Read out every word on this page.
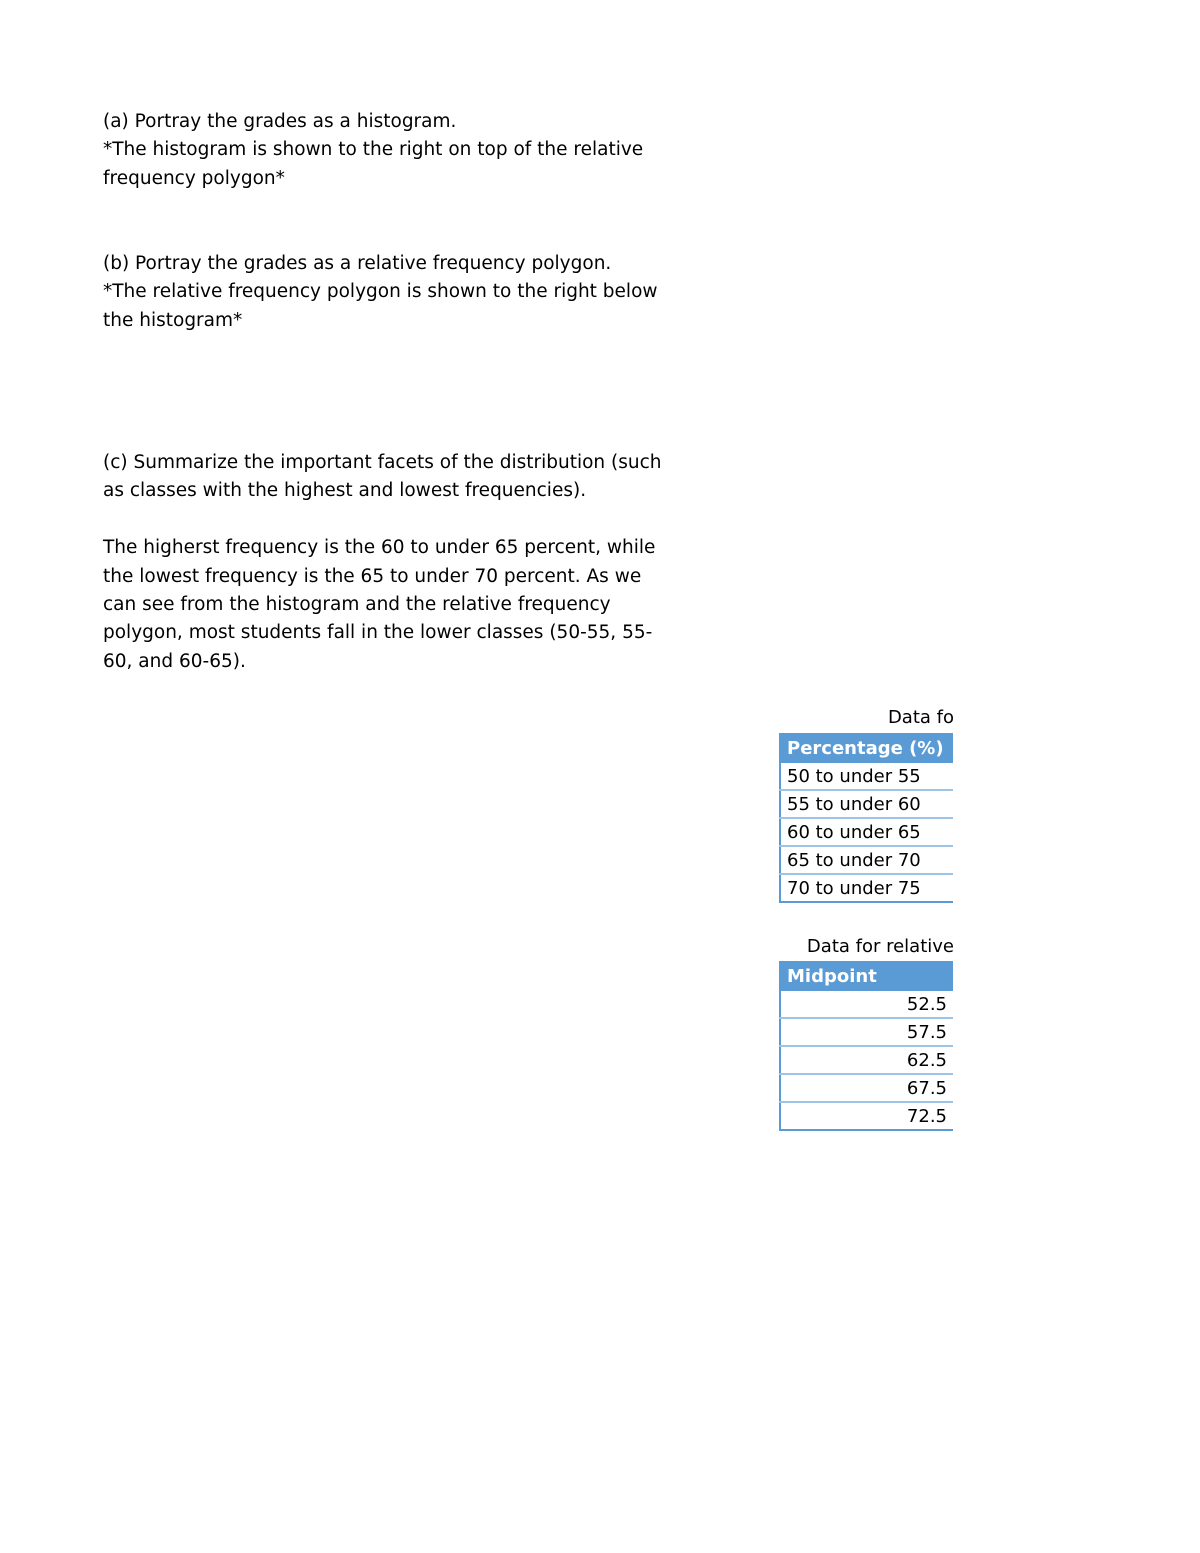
(a) Portray the grades as a histogram.

*The histogram is shown to the right on top of the relative frequency polygon*

(b) Portray the grades as a relative frequency polygon.

*The relative frequency polygon is shown to the right below the histogram*

(c) Summarize the important facets of the distribution (such as classes with the highest and lowest frequencies).

The higherst frequency is the 60 to under 65 percent, while the lowest frequency is the 65 to under 70 percent. As we can see from the histogram and the relative frequency polygon, most students fall in the lower classes (50-55, 55-60, and 60-65).

Data fo
Percentage (%)
50 to under 55
55 to under 60
60 to under 65
65 to under 70
70 to under 75
Data for relative
Midpoint
52.5
57.5
62.5
67.5
72.5
